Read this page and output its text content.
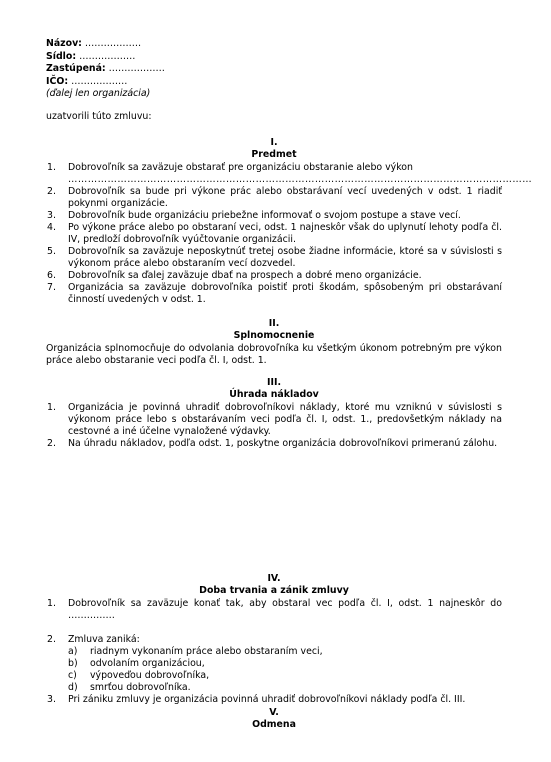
Názov: ………………
Sídlo: ………………
Zastúpená: ………………
IČO: ………………
(ďalej len organizácia)
uzatvorili túto zmluvu:
I.
Predmet
1. Dobrovoľník sa zaväzuje obstarať pre organizáciu obstaranie alebo výkon
……………………………………………………………………………………………………………………………
2. Dobrovoľník sa bude pri výkone prác alebo obstarávaní vecí uvedených v odst. 1 riadiť pokynmi organizácie.
3. Dobrovoľník bude organizáciu priebežne informovať o svojom postupe a stave vecí.
4. Po výkone práce alebo po obstaraní veci, odst. 1 najneskôr však do uplynutí lehoty podľa čl. IV, predloží dobrovoľník vyúčtovanie organizácii.
5. Dobrovoľník sa zaväzuje neposkytnúť tretej osobe žiadne informácie, ktoré sa v súvislosti s výkonom práce alebo obstaraním vecí dozvedel.
6. Dobrovoľník sa ďalej zaväzuje dbať na prospech a dobré meno organizácie.
7. Organizácia sa zaväzuje dobrovoľníka poistiť proti škodám, spôsobeným pri obstarávaní činností uvedených v odst. 1.
II.
Splnomocnenie
Organizácia splnomocňuje do odvolania dobrovoľníka ku všetkým úkonom potrebným pre výkon práce alebo obstaranie veci podľa čl. I, odst. 1.
III.
Úhrada nákladov
1. Organizácia je povinná uhradiť dobrovoľníkovi náklady, ktoré mu vzniknú v súvislosti s výkonom práce lebo s obstarávaním veci podľa čl. I, odst. 1., predovšetkým náklady na cestovné a iné účelne vynaložené výdavky.
2. Na úhradu nákladov, podľa odst. 1, poskytne organizácia dobrovoľníkovi primeranú zálohu.
IV.
Doba trvania a zánik zmluvy
1. Dobrovoľník sa zaväzuje konať tak, aby obstaral vec podľa čl. I, odst. 1 najneskôr do ……………
2. Zmluva zaniká:
a) riadnym vykonaním práce alebo obstaraním veci,
b) odvolaním organizáciou,
c) výpoveďou dobrovoľníka,
d) smrťou dobrovoľníka.
3. Pri zániku zmluvy je organizácia povinná uhradiť dobrovoľníkovi náklady podľa čl. III.
V.
Odmena
